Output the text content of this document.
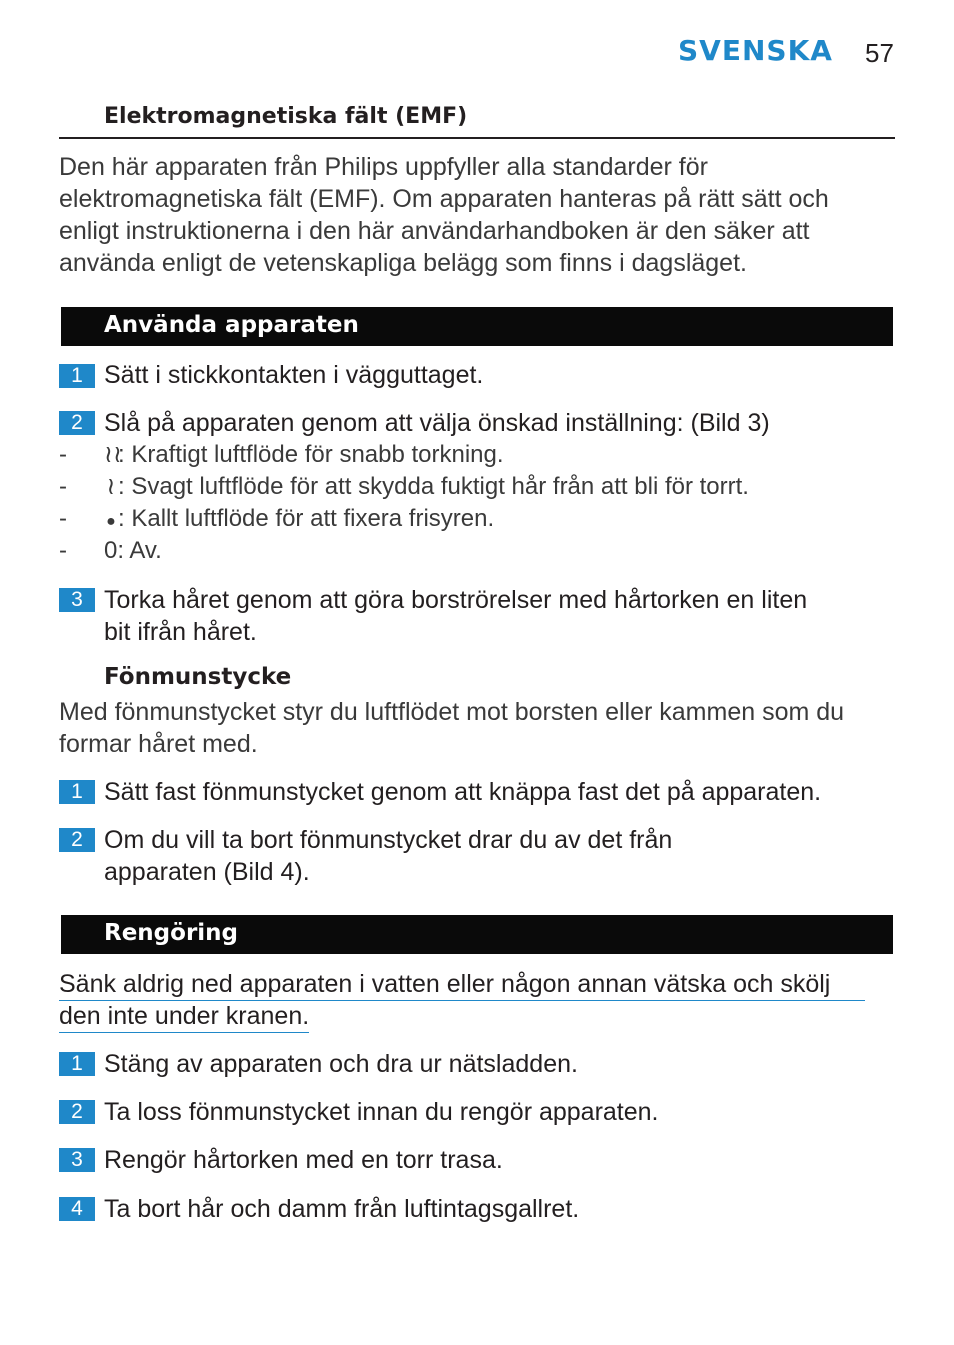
SVENSKA 57
Elektromagnetiska fält (EMF)
Den här apparaten från Philips uppfyller alla standarder för
elektromagnetiska fält (EMF). Om apparaten hanteras på rätt sätt och
enligt instruktionerna i den här användarhandboken är den säker att
använda enligt de vetenskapliga belägg som finns i dagsläget.
Använda apparaten
1 Sätt i stickkontakten i vägguttaget.
2 Slå på apparaten genom att välja önskad inställning: (Bild 3)
- ≀≀: Kraftigt luftflöde för snabb torkning.
- ≀ : Svagt luftflöde för att skydda fuktigt hår från att bli för torrt.
- ●: Kallt luftflöde för att fixera frisyren.
- 0: Av.
3 Torka håret genom att göra borströrelser med hårtorken en liten
bit ifrån håret.
Fönmunstycke
Med fönmunstycket styr du luftflödet mot borsten eller kammen som du
formar håret med.
1 Sätt fast fönmunstycket genom att knäppa fast det på apparaten.
2 Om du vill ta bort fönmunstycket drar du av det från
apparaten (Bild 4).
Rengöring
Sänk aldrig ned apparaten i vatten eller någon annan vätska och skölj
den inte under kranen.
1 Stäng av apparaten och dra ur nätsladden.
2 Ta loss fönmunstycket innan du rengör apparaten.
3 Rengör hårtorken med en torr trasa.
4 Ta bort hår och damm från luftintagsgallret.
